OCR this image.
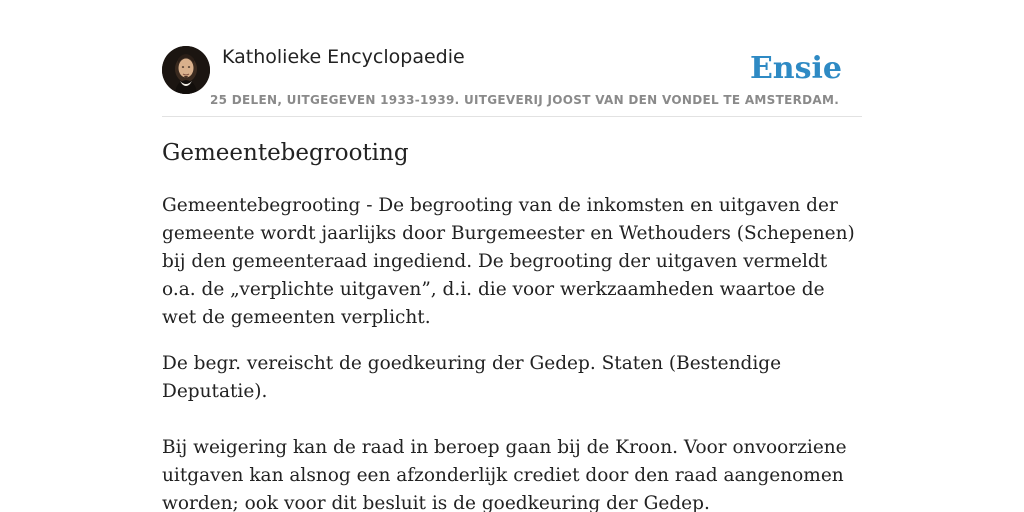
Katholieke Encyclopaedie
25 DELEN, UITGEGEVEN 1933-1939. UITGEVERIJ JOOST VAN DEN VONDEL TE AMSTERDAM.
Ensie
Gemeentebegrooting

Gemeentebegrooting - De begrooting van de inkomsten en uitgaven der gemeente wordt jaarlijks door Burgemeester en Wethouders (Schepenen) bij den gemeenteraad ingediend. De begrooting der uitgaven vermeldt o.a. de „verplichte uitgaven”, d.i. die voor werkzaamheden waartoe de wet de gemeenten verplicht.

De begr. vereischt de goedkeuring der Gedep. Staten (Bestendige Deputatie).

Bij weigering kan de raad in beroep gaan bij de Kroon. Voor onvoorziene uitgaven kan alsnog een afzonderlijk crediet door den raad aangenomen worden; ook voor dit besluit is de goedkeuring der Gedep.
